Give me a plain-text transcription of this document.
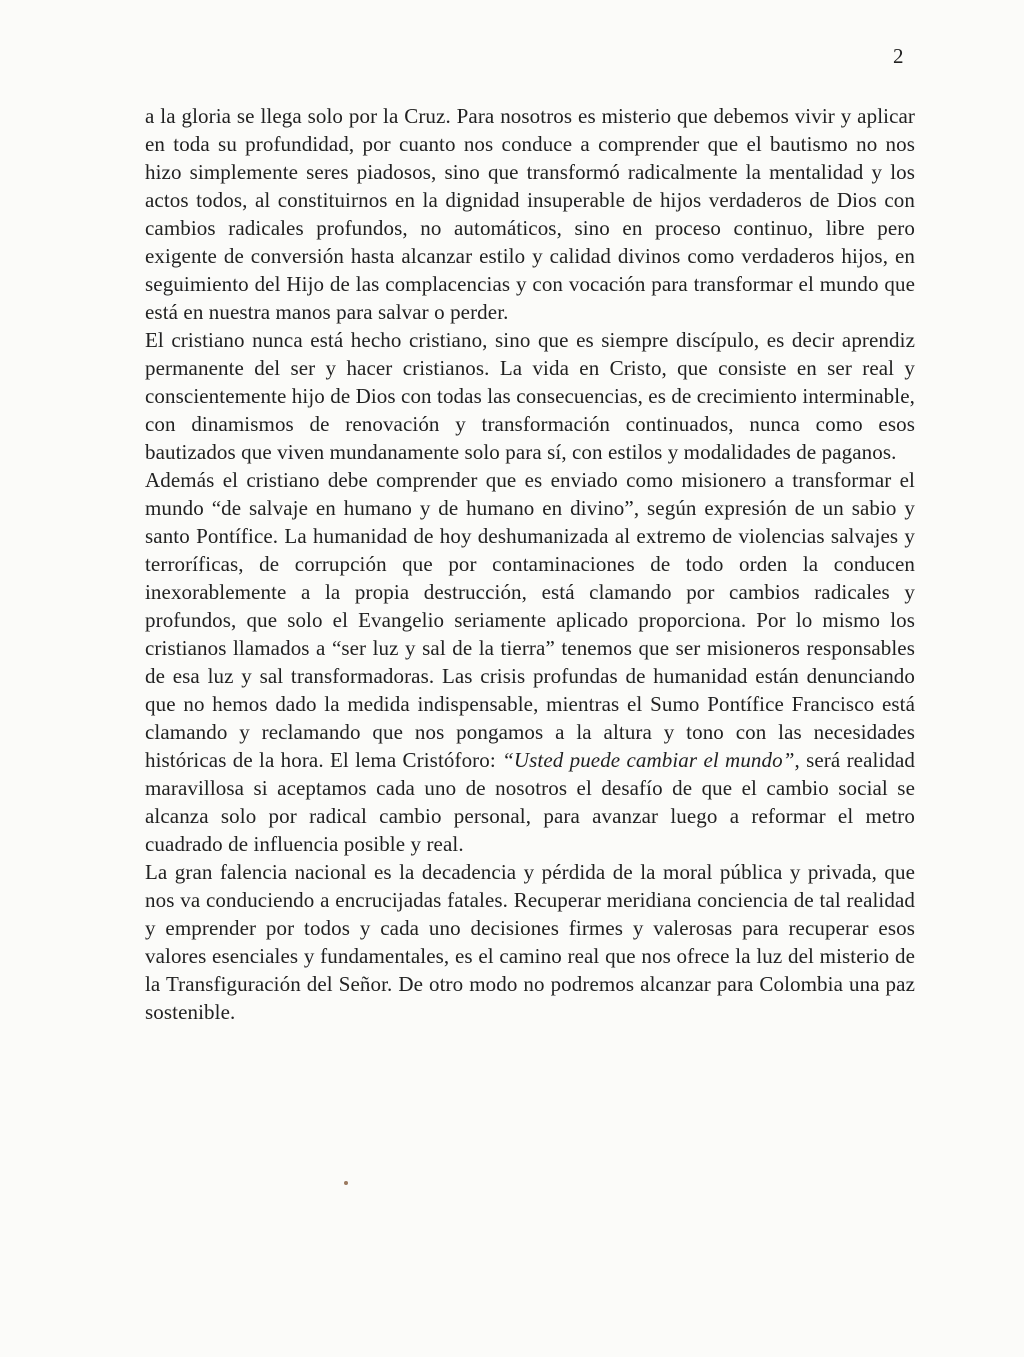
2

a la gloria se llega solo por la Cruz. Para nosotros es misterio que debemos vivir y aplicar en toda su profundidad, por cuanto nos conduce a comprender que el bautismo no nos hizo simplemente seres piadosos, sino que transformó radicalmente la mentalidad y los actos todos, al constituirnos en la dignidad insuperable de hijos verdaderos de Dios con cambios radicales profundos, no automáticos, sino en proceso continuo, libre pero exigente de conversión hasta alcanzar estilo y calidad divinos como verdaderos hijos, en seguimiento del Hijo de las complacencias y con vocación para transformar el mundo que está en nuestra manos para salvar o perder.

El cristiano nunca está hecho cristiano, sino que es siempre discípulo, es decir aprendiz permanente del ser y hacer cristianos. La vida en Cristo, que consiste en ser real y conscientemente hijo de Dios con todas las consecuencias, es de crecimiento interminable, con dinamismos de renovación y transformación continuados, nunca como esos bautizados que viven mundanamente solo para sí, con estilos y modalidades de paganos.

Además el cristiano debe comprender que es enviado como misionero a transformar el mundo “de salvaje en humano y de humano en divino”, según expresión de un sabio y santo Pontífice. La humanidad de hoy deshumanizada al extremo de violencias salvajes y terroríficas, de corrupción que por contaminaciones de todo orden la conducen inexorablemente a la propia destrucción, está clamando por cambios radicales y profundos, que solo el Evangelio seriamente aplicado proporciona. Por lo mismo los cristianos llamados a “ser luz y sal de la tierra” tenemos que ser misioneros responsables de esa luz y sal transformadoras. Las crisis profundas de humanidad están denunciando que no hemos dado la medida indispensable, mientras el Sumo Pontífice Francisco está clamando y reclamando que nos pongamos a la altura y tono con las necesidades históricas de la hora. El lema Cristóforo: “Usted puede cambiar el mundo”, será realidad maravillosa si aceptamos cada uno de nosotros el desafío de que el cambio social se alcanza solo por radical cambio personal, para avanzar luego a reformar el metro cuadrado de influencia posible y real.

La gran falencia nacional es la decadencia y pérdida de la moral pública y privada, que nos va conduciendo a encrucijadas fatales. Recuperar meridiana conciencia de tal realidad y emprender por todos y cada uno decisiones firmes y valerosas para recuperar esos valores esenciales y fundamentales, es el camino real que nos ofrece la luz del misterio de la Transfiguración del Señor. De otro modo no podremos alcanzar para Colombia una paz sostenible.
